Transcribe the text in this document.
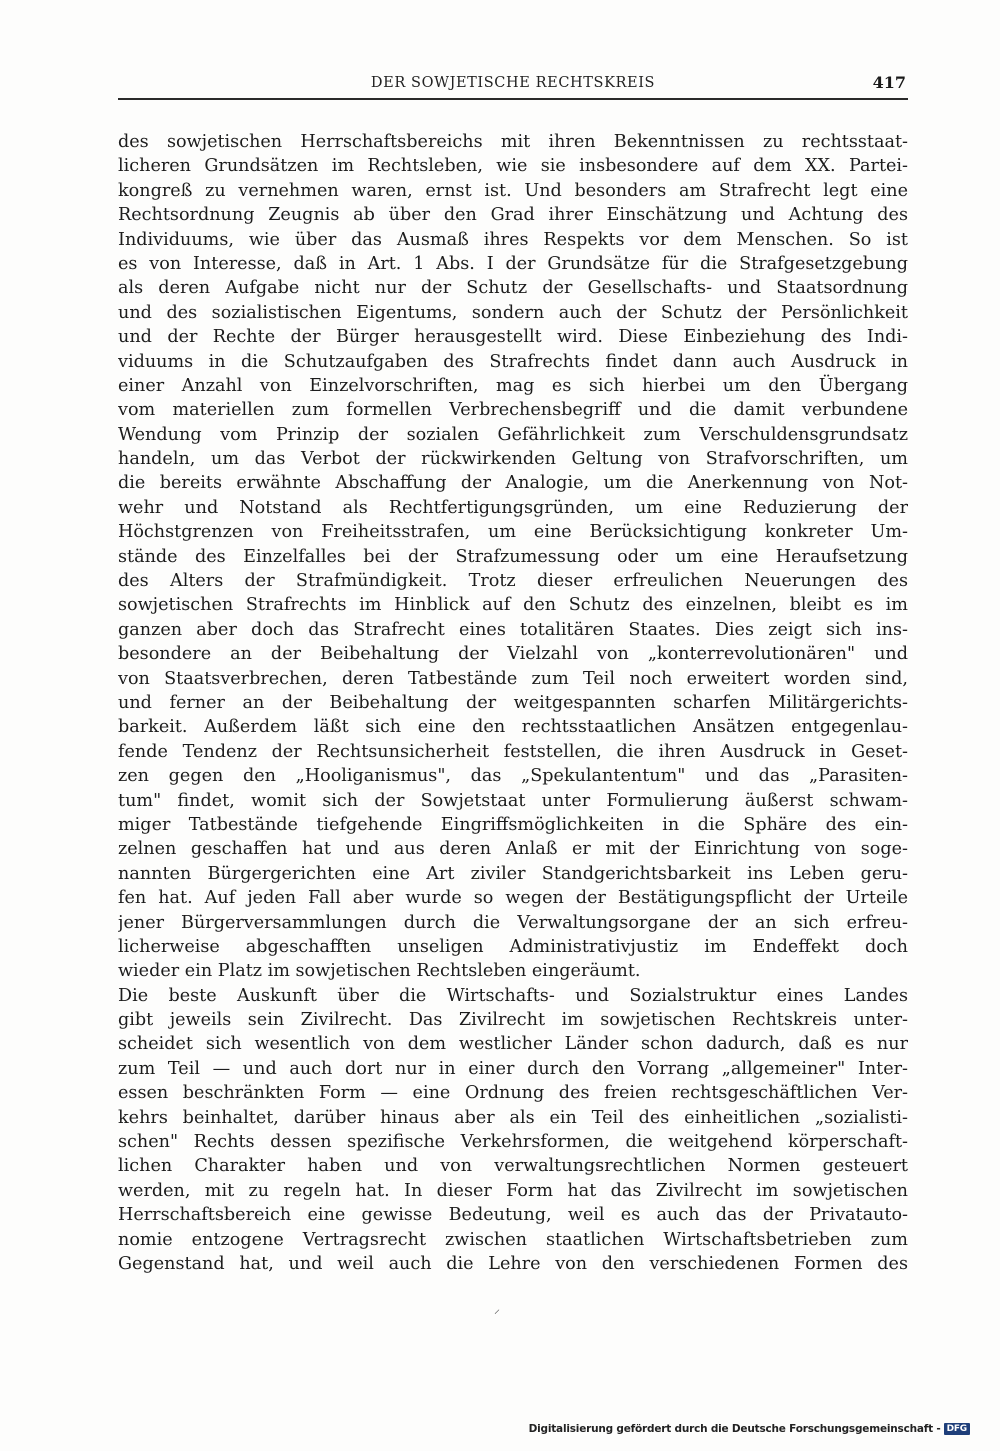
DER SOWJETISCHE RECHTSKREIS	417
des sowjetischen Herrschaftsbereichs mit ihren Bekenntnissen zu rechtsstaat-
licheren Grundsätzen im Rechtsleben, wie sie insbesondere auf dem XX. Partei-
kongreß zu vernehmen waren, ernst ist. Und besonders am Strafrecht legt eine
Rechtsordnung Zeugnis ab über den Grad ihrer Einschätzung und Achtung des
Individuums, wie über das Ausmaß ihres Respekts vor dem Menschen. So ist
es von Interesse, daß in Art. 1 Abs. I der Grundsätze für die Strafgesetzgebung
als deren Aufgabe nicht nur der Schutz der Gesellschafts- und Staatsordnung
und des sozialistischen Eigentums, sondern auch der Schutz der Persönlichkeit
und der Rechte der Bürger herausgestellt wird. Diese Einbeziehung des Indi-
viduums in die Schutzaufgaben des Strafrechts findet dann auch Ausdruck in
einer Anzahl von Einzelvorschriften, mag es sich hierbei um den Übergang
vom materiellen zum formellen Verbrechensbegriff und die damit verbundene
Wendung vom Prinzip der sozialen Gefährlichkeit zum Verschuldensgrundsatz
handeln, um das Verbot der rückwirkenden Geltung von Strafvorschriften, um
die bereits erwähnte Abschaffung der Analogie, um die Anerkennung von Not-
wehr und Notstand als Rechtfertigungsgründen, um eine Reduzierung der
Höchstgrenzen von Freiheitsstrafen, um eine Berücksichtigung konkreter Um-
stände des Einzelfalles bei der Strafzumessung oder um eine Heraufsetzung
des Alters der Strafmündigkeit. Trotz dieser erfreulichen Neuerungen des
sowjetischen Strafrechts im Hinblick auf den Schutz des einzelnen, bleibt es im
ganzen aber doch das Strafrecht eines totalitären Staates. Dies zeigt sich ins-
besondere an der Beibehaltung der Vielzahl von „konterrevolutionären" und
von Staatsverbrechen, deren Tatbestände zum Teil noch erweitert worden sind,
und ferner an der Beibehaltung der weitgespannten scharfen Militärgerichts-
barkeit. Außerdem läßt sich eine den rechtsstaatlichen Ansätzen entgegenlau-
fende Tendenz der Rechtsunsicherheit feststellen, die ihren Ausdruck in Geset-
zen gegen den „Hooliganismus", das „Spekulantentum" und das „Parasiten-
tum" findet, womit sich der Sowjetstaat unter Formulierung äußerst schwam-
miger Tatbestände tiefgehende Eingriffsmöglichkeiten in die Sphäre des ein-
zelnen geschaffen hat und aus deren Anlaß er mit der Einrichtung von soge-
nannten Bürgergerichten eine Art ziviler Standgerichtsbarkeit ins Leben geru-
fen hat. Auf jeden Fall aber wurde so wegen der Bestätigungspflicht der Urteile
jener Bürgerversammlungen durch die Verwaltungsorgane der an sich erfreu-
licherweise abgeschafften unseligen Administrativjustiz im Endeffekt doch
wieder ein Platz im sowjetischen Rechtsleben eingeräumt.
Die beste Auskunft über die Wirtschafts- und Sozialstruktur eines Landes
gibt jeweils sein Zivilrecht. Das Zivilrecht im sowjetischen Rechtskreis unter-
scheidet sich wesentlich von dem westlicher Länder schon dadurch, daß es nur
zum Teil — und auch dort nur in einer durch den Vorrang „allgemeiner" Inter-
essen beschränkten Form — eine Ordnung des freien rechtsgeschäftlichen Ver-
kehrs beinhaltet, darüber hinaus aber als ein Teil des einheitlichen „sozialisti-
schen" Rechts dessen spezifische Verkehrsformen, die weitgehend körperschaft-
lichen Charakter haben und von verwaltungsrechtlichen Normen gesteuert
werden, mit zu regeln hat. In dieser Form hat das Zivilrecht im sowjetischen
Herrschaftsbereich eine gewisse Bedeutung, weil es auch das der Privatauto-
nomie entzogene Vertragsrecht zwischen staatlichen Wirtschaftsbetrieben zum
Gegenstand hat, und weil auch die Lehre von den verschiedenen Formen des
⸝
Digitalisierung gefördert durch die Deutsche Forschungsgemeinschaft - DFG
